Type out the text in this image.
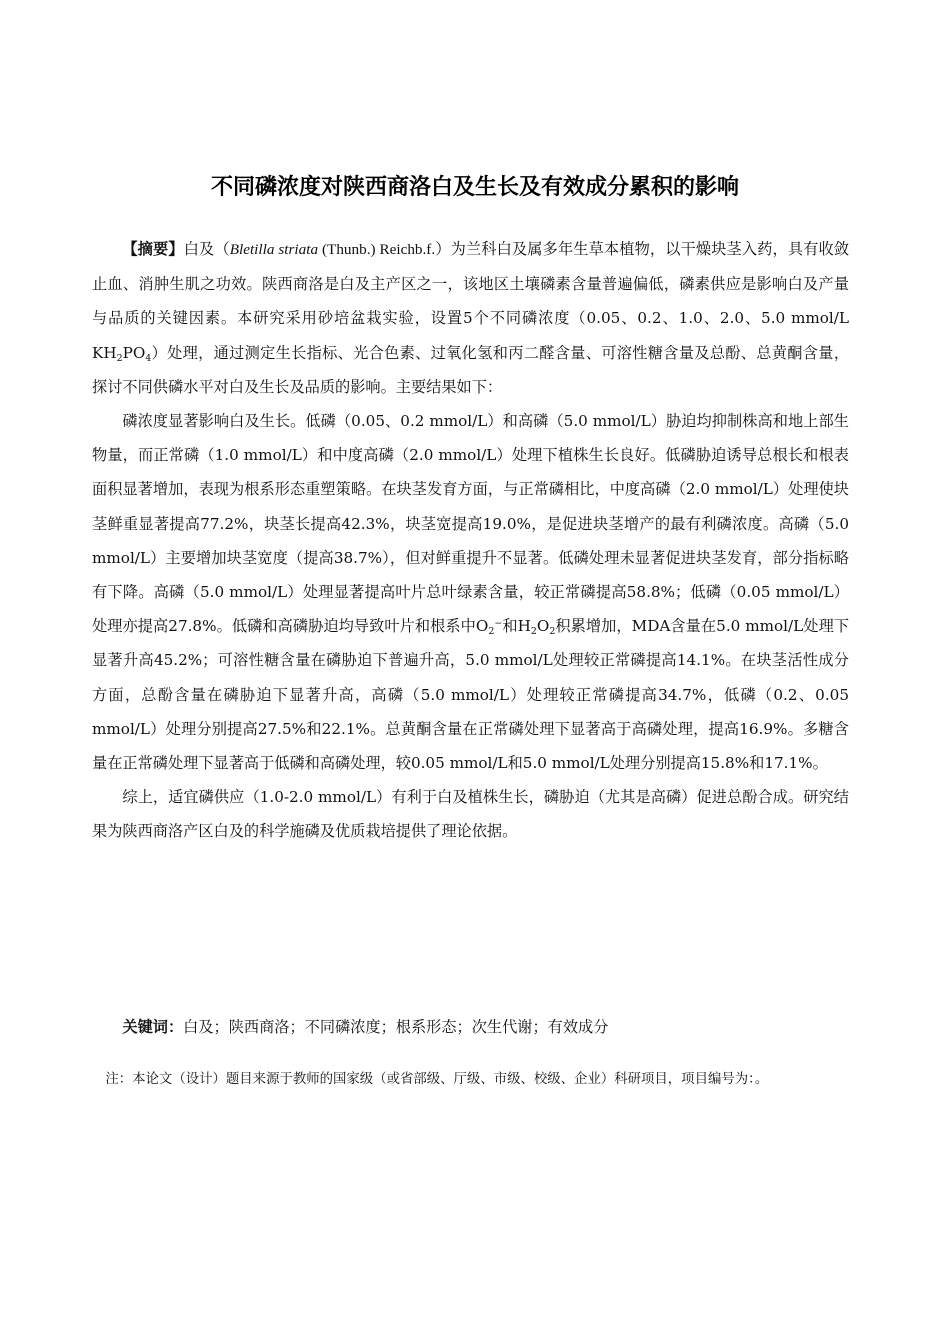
不同磷浓度对陕西商洛白及生长及有效成分累积的影响

【摘要】白及（Bletilla striata (Thunb.) Reichb.f.）为兰科白及属多年生草本植物，以干燥块茎入药，具有收敛止血、消肿生肌之功效。陕西商洛是白及主产区之一，该地区土壤磷素含量普遍偏低，磷素供应是影响白及产量与品质的关键因素。本研究采用砂培盆栽实验，设置5个不同磷浓度（0.05、0.2、1.0、2.0、5.0 mmol/L $KH_2PO_4$）处理，通过测定生长指标、光合色素、过氧化氢和丙二醛含量、可溶性糖含量及总酚、总黄酮含量，探讨不同供磷水平对白及生长及品质的影响。主要结果如下：

磷浓度显著影响白及生长。低磷（0.05、0.2 mmol/L）和高磷（5.0 mmol/L）胁迫均抑制株高和地上部生物量，而正常磷（1.0 mmol/L）和中度高磷（2.0 mmol/L）处理下植株生长良好。低磷胁迫诱导总根长和根表面积显著增加，表现为根系形态重塑策略。在块茎发育方面，与正常磷相比，中度高磷（2.0 mmol/L）处理使块茎鲜重显著提高77.2%，块茎长提高42.3%，块茎宽提高19.0%，是促进块茎增产的最有利磷浓度。高磷（5.0 mmol/L）主要增加块茎宽度（提高38.7%），但对鲜重提升不显著。低磷处理未显著促进块茎发育，部分指标略有下降。高磷（5.0 mmol/L）处理显著提高叶片总叶绿素含量，较正常磷提高58.8%；低磷（0.05 mmol/L）处理亦提高27.8%。低磷和高磷胁迫均导致叶片和根系中$O_2^-$和$H_2O_2$积累增加，MDA含量在5.0 mmol/L处理下显著升高45.2%；可溶性糖含量在磷胁迫下普遍升高，5.0 mmol/L处理较正常磷提高14.1%。在块茎活性成分方面，总酚含量在磷胁迫下显著升高，高磷（5.0 mmol/L）处理较正常磷提高34.7%，低磷（0.2、0.05 mmol/L）处理分别提高27.5%和22.1%。总黄酮含量在正常磷处理下显著高于高磷处理，提高16.9%。多糖含量在正常磷处理下显著高于低磷和高磷处理，较0.05 mmol/L和5.0 mmol/L处理分别提高15.8%和17.1%。

综上，适宜磷供应（1.0-2.0 mmol/L）有利于白及植株生长，磷胁迫（尤其是高磷）促进总酚合成。研究结果为陕西商洛产区白及的科学施磷及优质栽培提供了理论依据。

关键词：白及；陕西商洛；不同磷浓度；根系形态；次生代谢；有效成分

注：本论文（设计）题目来源于教师的国家级（或省部级、厅级、市级、校级、企业）科研项目，项目编号为：。
